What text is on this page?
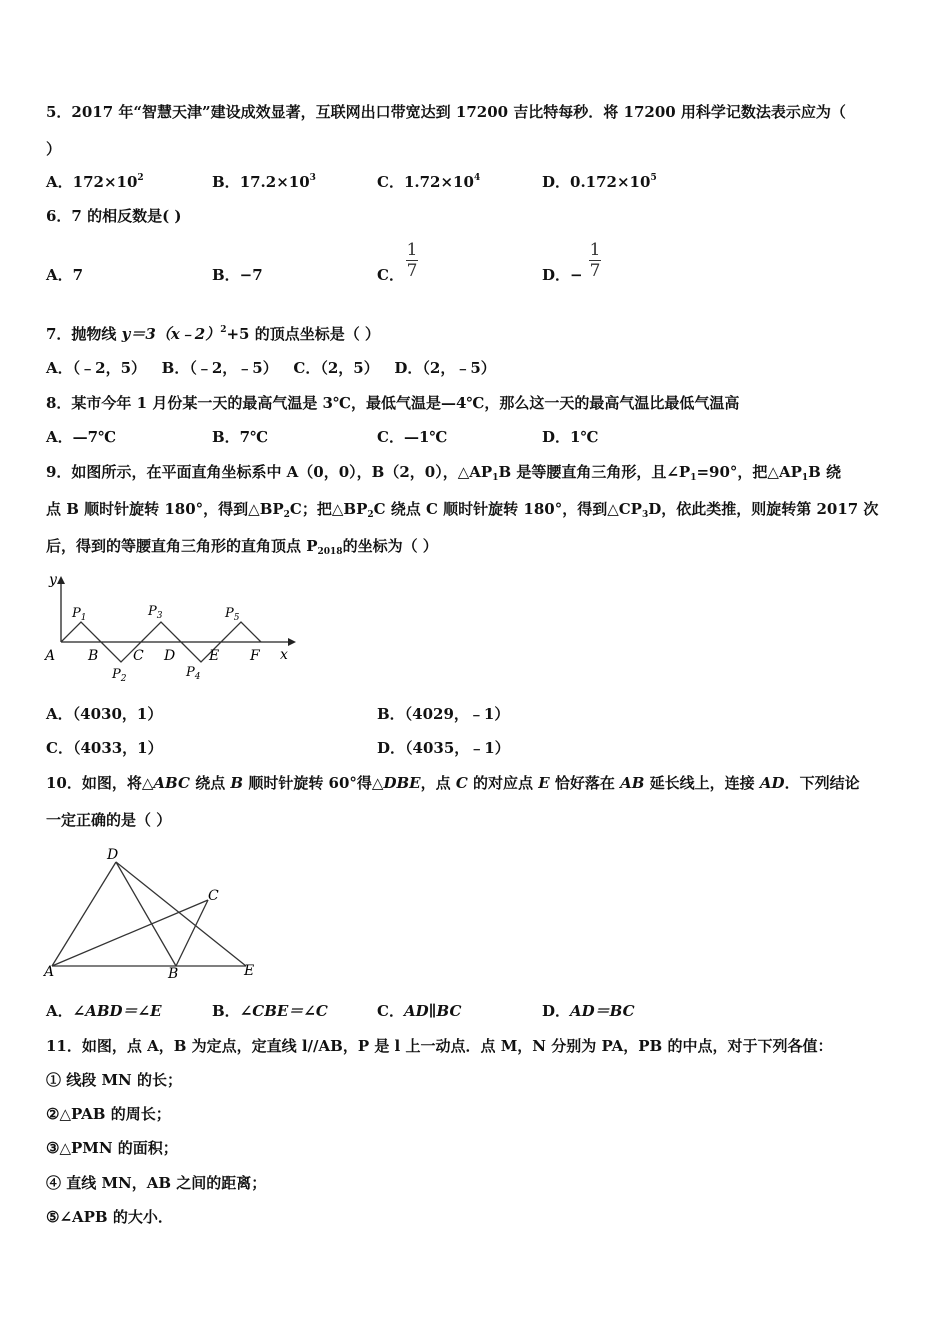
5．2017 年“智慧天津”建设成效显著，互联网出口带宽达到 17200 吉比特每秒．将 17200 用科学记数法表示应为（
）
A．$172\times 10^2$	B．$17.2\times 10^3$	C．$1.72\times 10^4$	D．$0.172\times 10^5$
6．7 的相反数是( )
A．7	B．−7	C．
1
7	D．−
1
7
7．抛物线 y＝3（x﹣2）$^2$+5 的顶点坐标是（ ）
A．（﹣2，5）   B．（﹣2，﹣5）   C．（2，5）   D．（2，﹣5）
8．某市今年 1 月份某一天的最高气温是 3℃，最低气温是—4℃，那么这一天的最高气温比最低气温高
A．—7℃	B．7℃	C．—1℃	D．1℃
9．如图所示，在平面直角坐标系中 A（0，0），B（2，0），$\triangle AP_1B$ 是等腰直角三角形，且$\angle P_1=90^\circ$，把$\triangle AP_1B$ 绕
点 B 顺时针旋转 180°，得到$\triangle BP_2C$；把$\triangle BP_2C$ 绕点 C 顺时针旋转 180°，得到$\triangle CP_3D$，依此类推，则旋转第 2017 次
后，得到的等腰直角三角形的直角顶点 $P_{2018}$的坐标为（ ）
y
x
A B C D E F
$P_1$
$P_2$
$P_3$
$P_4$
$P_5$
A．（4030，1）	B．（4029，﹣1）
C．（4033，1）	D．（4035，﹣1）
10．如图，将△ABC 绕点 B 顺时针旋转 60°得△DBE，点 C 的对应点 E 恰好落在 AB 延长线上，连接 AD．下列结论
一定正确的是（ ）
D
C
A	B	E
A．∠ABD＝∠E	B．∠CBE＝∠C	C．AD∥BC	D．AD＝BC
11．如图，点 A，B 为定点，定直线 l//AB，P 是 l 上一动点．点 M，N 分别为 PA，PB 的中点，对于下列各值：
① 线段 MN 的长；
②△PAB 的周长；
③△PMN 的面积；
④ 直线 MN，AB 之间的距离；
⑤∠APB 的大小．
